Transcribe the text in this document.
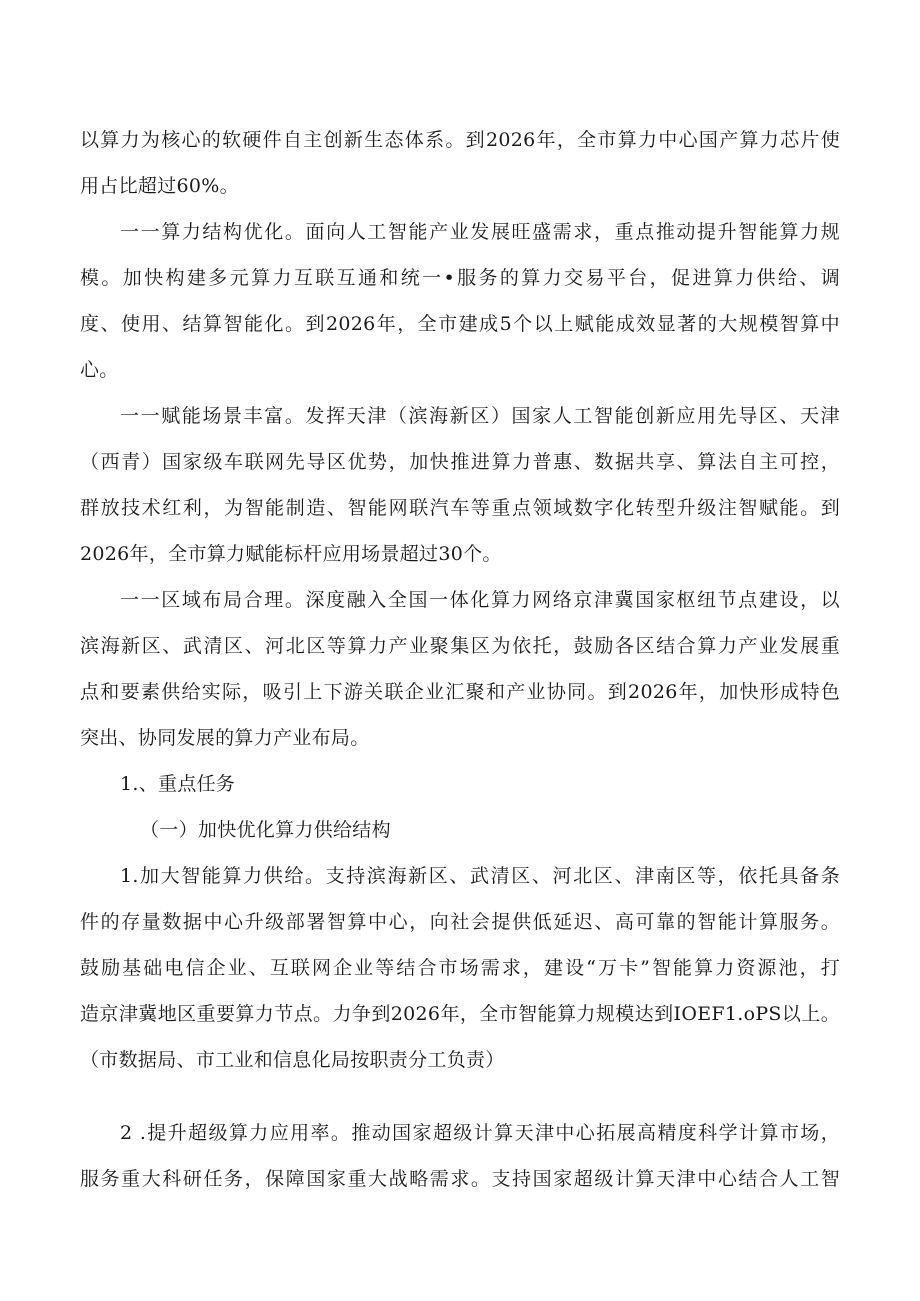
以算力为核心的软硬件自主创新生态体系。到2026年，全市算力中心国产算力芯片使
用占比超过60%。
一一算力结构优化。面向人工智能产业发展旺盛需求，重点推动提升智能算力规
模。加快构建多元算力互联互通和统一•服务的算力交易平台，促进算力供给、调
度、使用、结算智能化。到2026年，全市建成5个以上赋能成效显著的大规模智算中
心。
一一赋能场景丰富。发挥天津（滨海新区）国家人工智能创新应用先导区、天津
（西青）国家级车联网先导区优势，加快推进算力普惠、数据共享、算法自主可控，
群放技术红利，为智能制造、智能网联汽车等重点领域数字化转型升级注智赋能。到
2026年，全市算力赋能标杆应用场景超过30个。
一一区域布局合理。深度融入全国一体化算力网络京津冀国家枢纽节点建设，以
滨海新区、武清区、河北区等算力产业聚集区为依托，鼓励各区结合算力产业发展重
点和要素供给实际，吸引上下游关联企业汇聚和产业协同。到2026年，加快形成特色
突出、协同发展的算力产业布局。
1.、重点任务
（一）加快优化算力供给结构
1.加大智能算力供给。支持滨海新区、武清区、河北区、津南区等，依托具备条
件的存量数据中心升级部署智算中心，向社会提供低延迟、高可靠的智能计算服务。
鼓励基础电信企业、互联网企业等结合市场需求，建设“万卡”智能算力资源池，打
造京津冀地区重要算力节点。力争到2026年，全市智能算力规模达到IOEF1.oPS以上。
（市数据局、市工业和信息化局按职责分工负责）
2 .提升超级算力应用率。推动国家超级计算天津中心拓展高精度科学计算市场，
服务重大科研任务，保障国家重大战略需求。支持国家超级计算天津中心结合人工智
